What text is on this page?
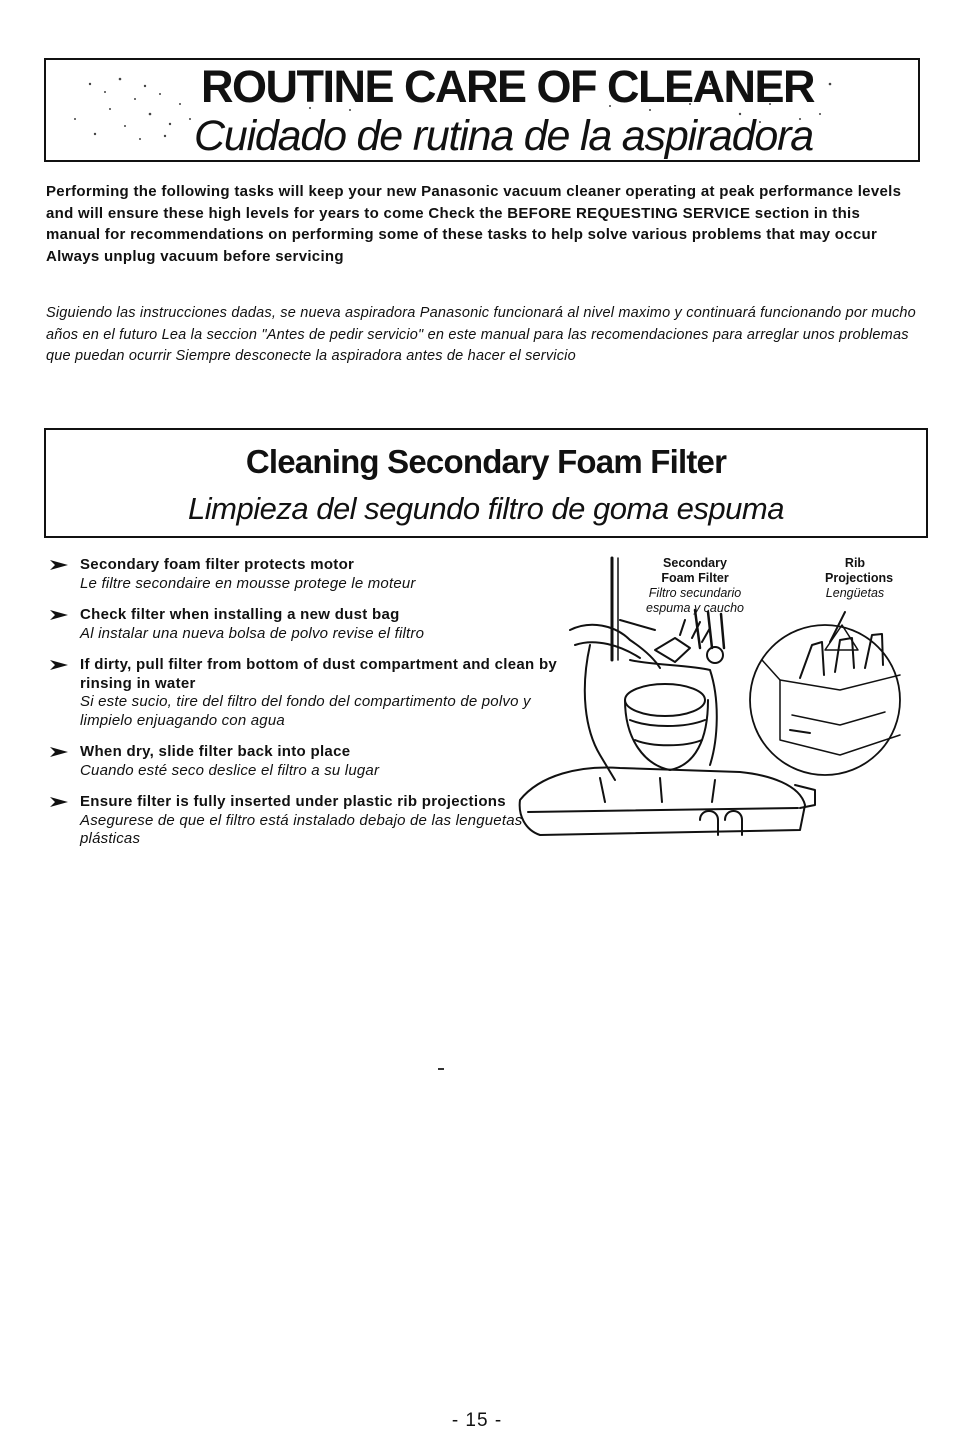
ROUTINE CARE OF CLEANER
Cuidado de rutina de la aspiradora
Performing the following tasks will keep your new Panasonic vacuum cleaner operating at peak performance levels and will ensure these high levels for years to come Check the BEFORE REQUESTING SERVICE section in this manual for recommendations on performing some of these tasks to help solve various problems that may occur Always unplug vacuum before servicing
Siguiendo las instrucciones dadas, se nueva aspiradora Panasonic funcionará al nivel maximo y continuará funcionando por mucho años en el futuro Lea la seccion "Antes de pedir servicio" en este manual para las recomendaciones para arreglar unos problemas que puedan ocurrir Siempre desconecte la aspiradora antes de hacer el servicio
Cleaning Secondary Foam Filter
Limpieza del segundo filtro de goma espuma
Secondary foam filter protects motor
Le filtre secondaire en mousse protege le moteur
Check filter when installing a new dust bag
Al instalar una nueva bolsa de polvo revise el filtro
If dirty, pull filter from bottom of dust compartment and clean by rinsing in water
Si este sucio, tire del filtro del fondo del compartimento de polvo y limpielo enjuagando con agua
When dry, slide filter back into place
Cuando esté seco deslice el filtro a su lugar
Ensure filter is fully inserted under plastic rib projections
Asegurese de que el filtro está instalado debajo de las lenguetas plásticas
Secondary Foam Filter
Filtro secundario espuma y caucho
Rib Projections
Lengüetas
- 15 -
